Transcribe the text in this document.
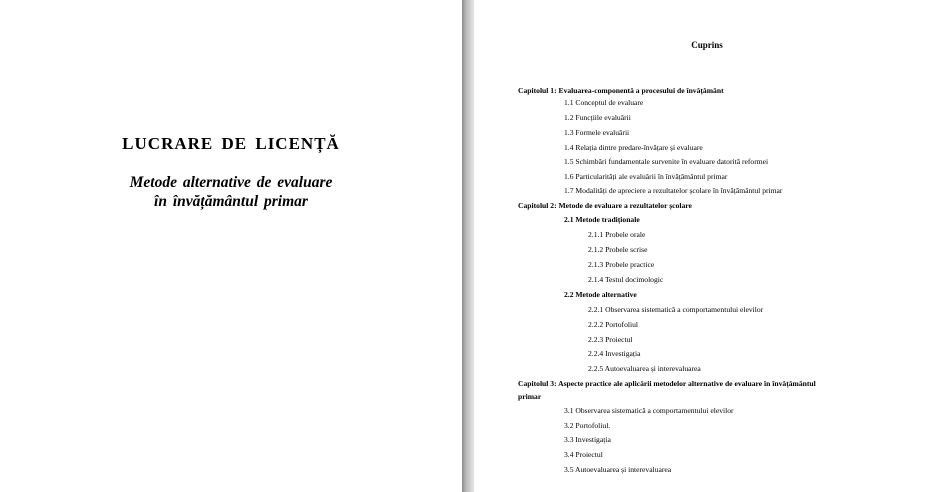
LUCRARE DE LICENȚĂ
Metode alternative de evaluare
în învățământul primar
Cuprins
Capitolul 1: Evaluarea-componentă a procesului de învățământ
1.1 Conceptul de evaluare
1.2 Funcțiile evaluării
1.3 Formele evaluării
1.4 Relația dintre predare-învățare și evaluare
1.5 Schimbări fundamentale survenite în evaluare datorită reformei
1.6 Particularități ale evaluării în învățământul primar
1.7 Modalități de apreciere a rezultatelor școlare în învățământul primar
Capitolul 2: Metode de evaluare a rezultatelor școlare
2.1 Metode tradiționale
2.1.1 Probele orale
2.1.2 Probele scrise
2.1.3 Probele practice
2.1.4 Testul docimologic
2.2 Metode alternative
2.2.1 Observarea sistematică a comportamentului elevilor
2.2.2 Portofoliul
2.2.3 Proiectul
2.2.4 Investigația
2.2.5 Autoevaluarea și interevaluarea
Capitolul 3: Aspecte practice ale aplicării metodelor alternative de evaluare în învățământul primar
3.1 Observarea sistematică a comportamentului elevilor
3.2 Portofoliul.
3.3 Investigația
3.4 Proiectul
3.5 Autoevaluarea și interevaluarea
